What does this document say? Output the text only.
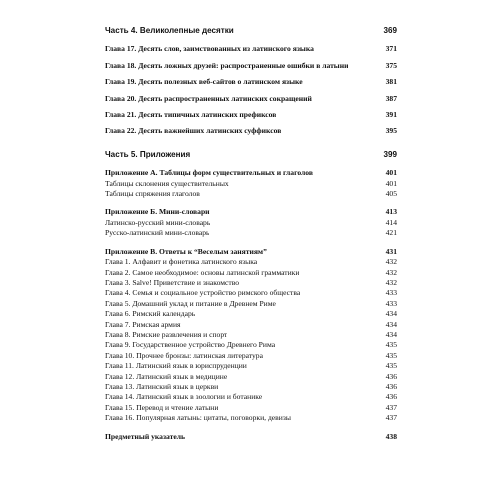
Часть 4. Великолепные десятки	369
Глава 17. Десять слов, заимствованных из латинского языка	371
Глава 18. Десять ложных друзей: распространенные ошибки в латыни	375
Глава 19. Десять полезных веб-сайтов о латинском языке	381
Глава 20. Десять распространенных латинских сокращений	387
Глава 21. Десять типичных латинских префиксов	391
Глава 22. Десять важнейших латинских суффиксов	395
Часть 5. Приложения	399
Приложение А. Таблицы форм существительных и глаголов	401
Таблицы склонения существительных	401
Таблицы спряжения глаголов	405
Приложение Б. Мини-словари	413
Латинско-русский мини-словарь	414
Русско-латинский мини-словарь	421
Приложение В. Ответы к “Веселым занятиям”	431
Глава 1. Алфавит и фонетика латинского языка	432
Глава 2. Самое необходимое: основы латинской грамматики	432
Глава 3. Salve! Приветствие и знакомство	432
Глава 4. Семья и социальное устройство римского общества	433
Глава 5. Домашний уклад и питание в Древнем Риме	433
Глава 6. Римский календарь	434
Глава 7. Римская армия	434
Глава 8. Римские развлечения и спорт	434
Глава 9. Государственное устройство Древнего Рима	435
Глава 10. Прочнее бронзы: латинская литература	435
Глава 11. Латинский язык в юриспруденции	435
Глава 12. Латинский язык в медицине	436
Глава 13. Латинский язык в церкви	436
Глава 14. Латинский язык в зоологии и ботанике	436
Глава 15. Перевод и чтение латыни	437
Глава 16. Популярная латынь: цитаты, поговорки, девизы	437
Предметный указатель	438
